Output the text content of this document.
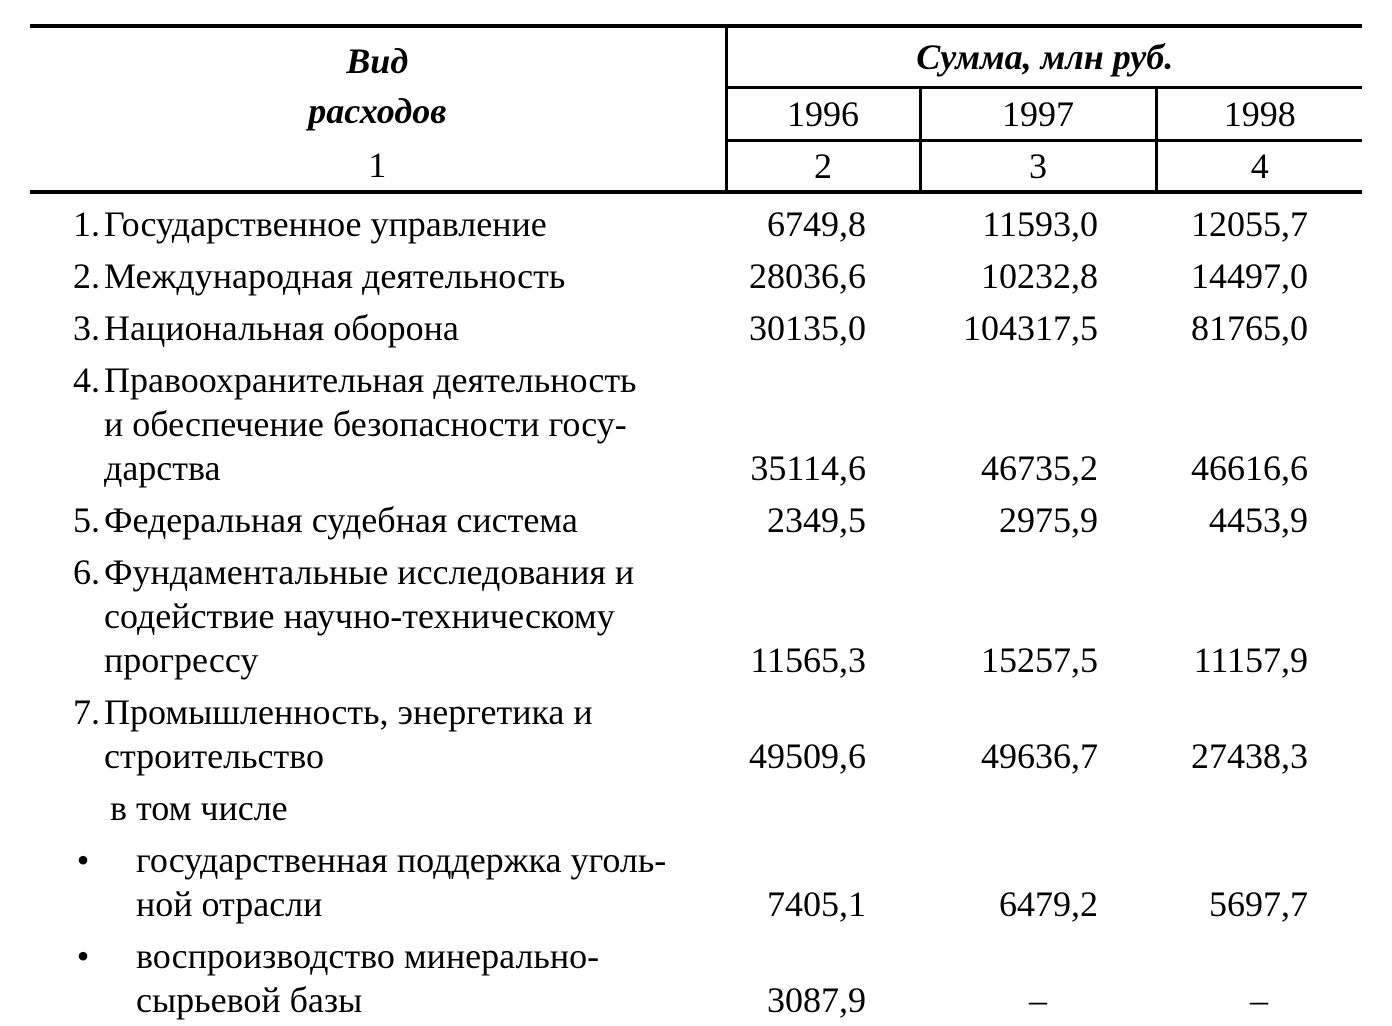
Вид
расходов	Сумма, млн руб.		
	1996	1997	1998
1	2	3	4

1. Государственное управление	6749,8	11593,0	12055,7

2. Международная деятельность	28036,6	10232,8	14497,0

3. Национальная оборона	30135,0	104317,5	81765,0

4. Правоохранительная деятельность
и обеспечение безопасности госу-
дарства	35114,6	46735,2	46616,6

5. Федеральная судебная система	2349,5	2975,9	4453,9

6. Фундаментальные исследования и
содействие научно-техническому
прогрессу	11565,3	15257,5	11157,9

7. Промышленность, энергетика и
строительство	49509,6	49636,7	27438,3

в том числе			

• государственная поддержка уголь-
ной отрасли	7405,1	6479,2	5697,7

• воспроизводство минерально-
сырьевой базы	3087,9	–	–
